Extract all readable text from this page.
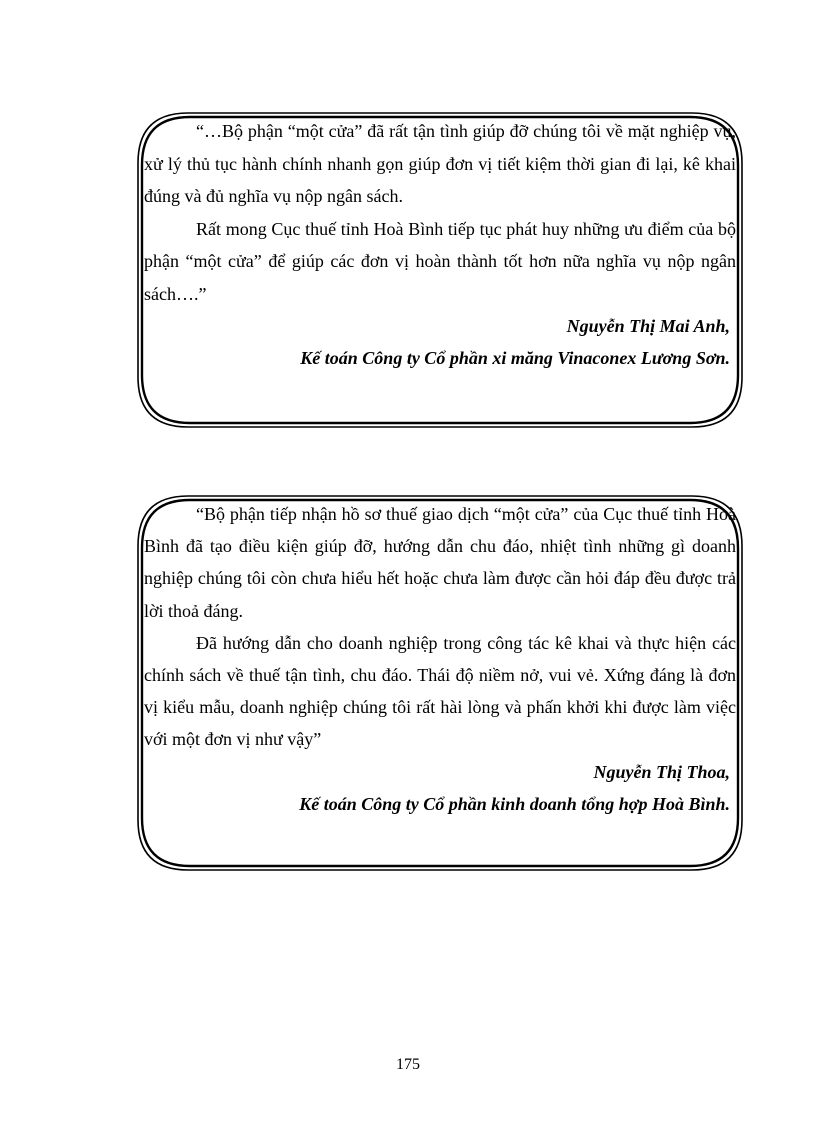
“…Bộ phận “một cửa” đã rất tận tình giúp đỡ chúng tôi về mặt nghiệp vụ, xử lý thủ tục hành chính nhanh gọn giúp đơn vị tiết kiệm thời gian đi lại, kê khai đúng và đủ nghĩa vụ nộp ngân sách.

Rất mong Cục thuế tỉnh Hoà Bình tiếp tục phát huy những ưu điểm của bộ phận “một cửa” để giúp các đơn vị hoàn thành tốt hơn nữa nghĩa vụ nộp ngân sách….”

Nguyễn Thị Mai Anh,

Kế toán Công ty Cổ phần xi măng Vinaconex Lương Sơn.

“Bộ phận tiếp nhận hồ sơ thuế giao dịch “một cửa” của Cục thuế tỉnh Hoà Bình đã tạo điều kiện giúp đỡ, hướng dẫn chu đáo, nhiệt tình những gì doanh nghiệp chúng tôi còn chưa hiểu hết hoặc chưa làm được cần hỏi đáp đều được trả lời thoả đáng.

Đã hướng dẫn cho doanh nghiệp trong công tác kê khai và thực hiện các chính sách về thuế tận tình, chu đáo. Thái độ niềm nở, vui vẻ. Xứng đáng là đơn vị kiểu mẫu, doanh nghiệp chúng tôi rất hài lòng và phấn khởi khi được làm việc với một đơn vị như vậy”

Nguyễn Thị Thoa,

Kế toán Công ty Cổ phần kinh doanh tổng hợp Hoà Bình.

175
